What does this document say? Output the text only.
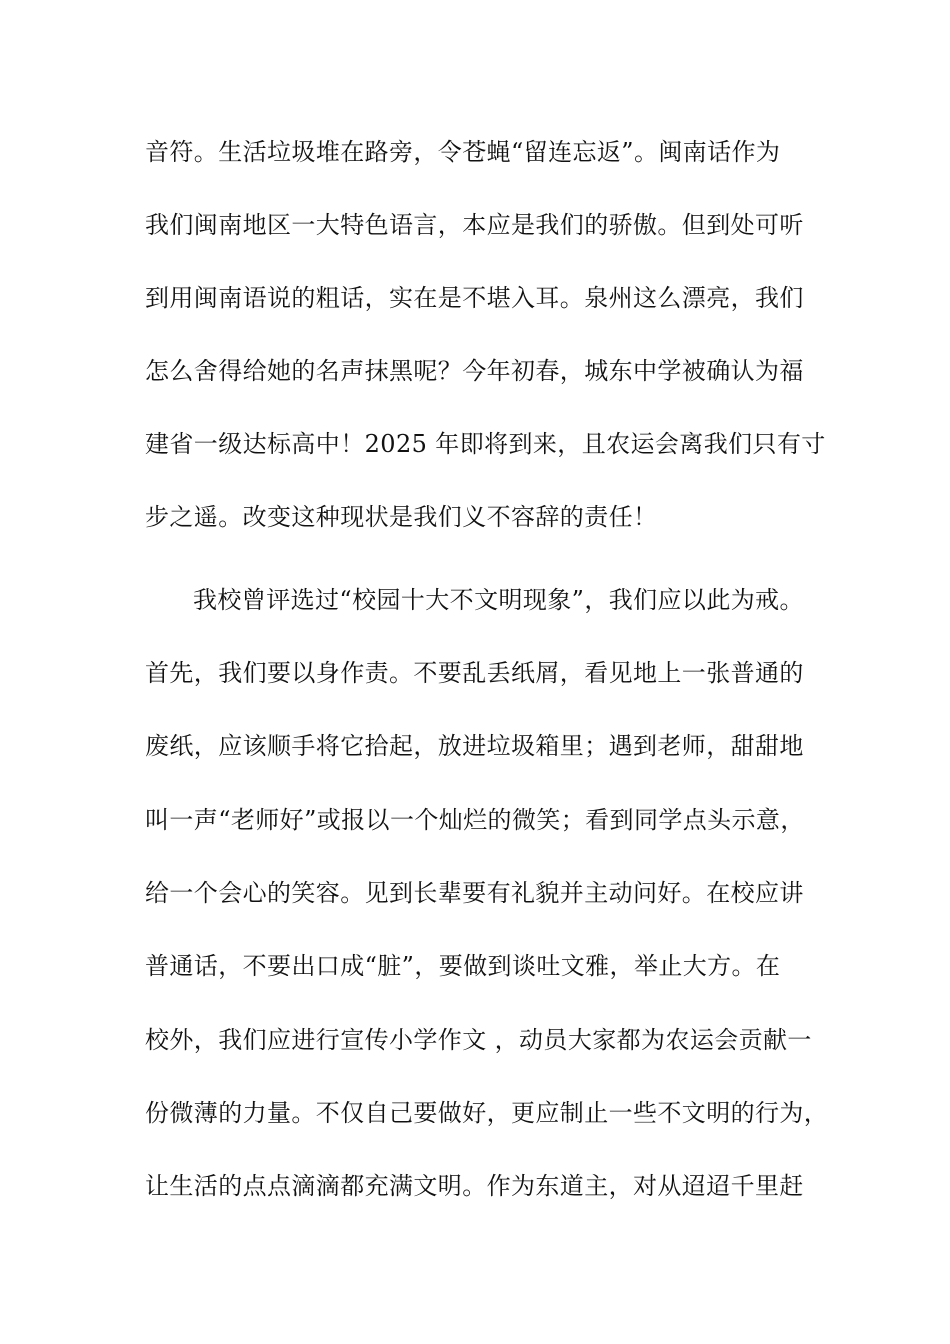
音符。生活垃圾堆在路旁，令苍蝇“留连忘返”。闽南话作为
我们闽南地区一大特色语言，本应是我们的骄傲。但到处可听
到用闽南语说的粗话，实在是不堪入耳。泉州这么漂亮，我们
怎么舍得给她的名声抹黑呢？今年初春，城东中学被确认为福
建省一级达标高中！2025 年即将到来，且农运会离我们只有寸
步之遥。改变这种现状是我们义不容辞的责任！
我校曾评选过“校园十大不文明现象”，我们应以此为戒。
首先，我们要以身作责。不要乱丢纸屑，看见地上一张普通的
废纸，应该顺手将它拾起，放进垃圾箱里；遇到老师，甜甜地
叫一声“老师好”或报以一个灿烂的微笑；看到同学点头示意，
给一个会心的笑容。见到长辈要有礼貌并主动问好。在校应讲
普通话，不要出口成“脏”，要做到谈吐文雅，举止大方。在
校外，我们应进行宣传小学作文 ，动员大家都为农运会贡献一
份微薄的力量。不仅自己要做好，更应制止一些不文明的行为，
让生活的点点滴滴都充满文明。作为东道主，对从迢迢千里赶
